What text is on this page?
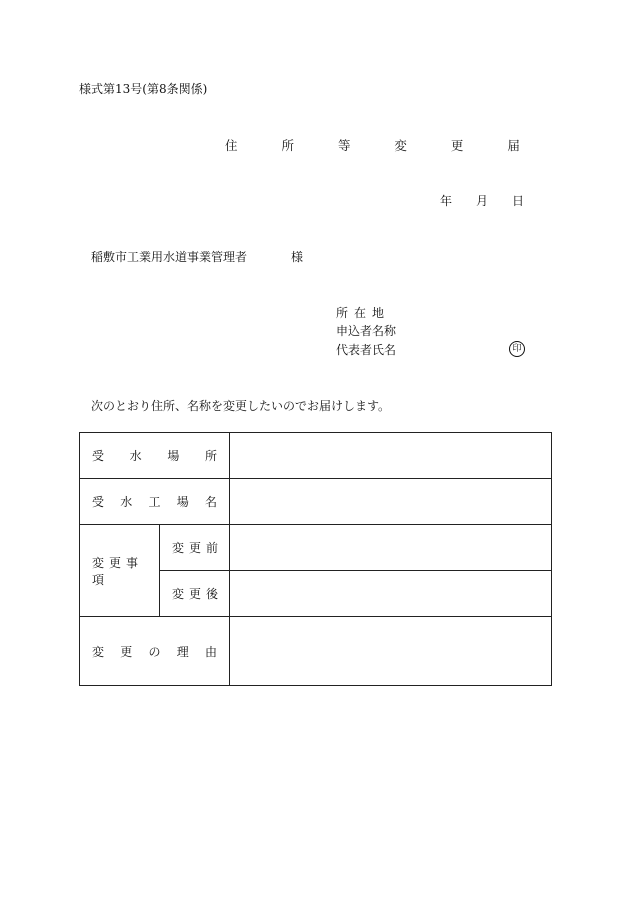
様式第13号(第8条関係)
住 所 等 変 更 届
年 月 日
稲敷市工業用水道事業管理者	様
所在地
申込者名称
代表者氏名	印
次のとおり住所、名称を変更したいのでお届けします。
受 水 場 所		

受 水 工 場 名		

変更事項	変更前	

	変更後	

変 更 の 理 由		
